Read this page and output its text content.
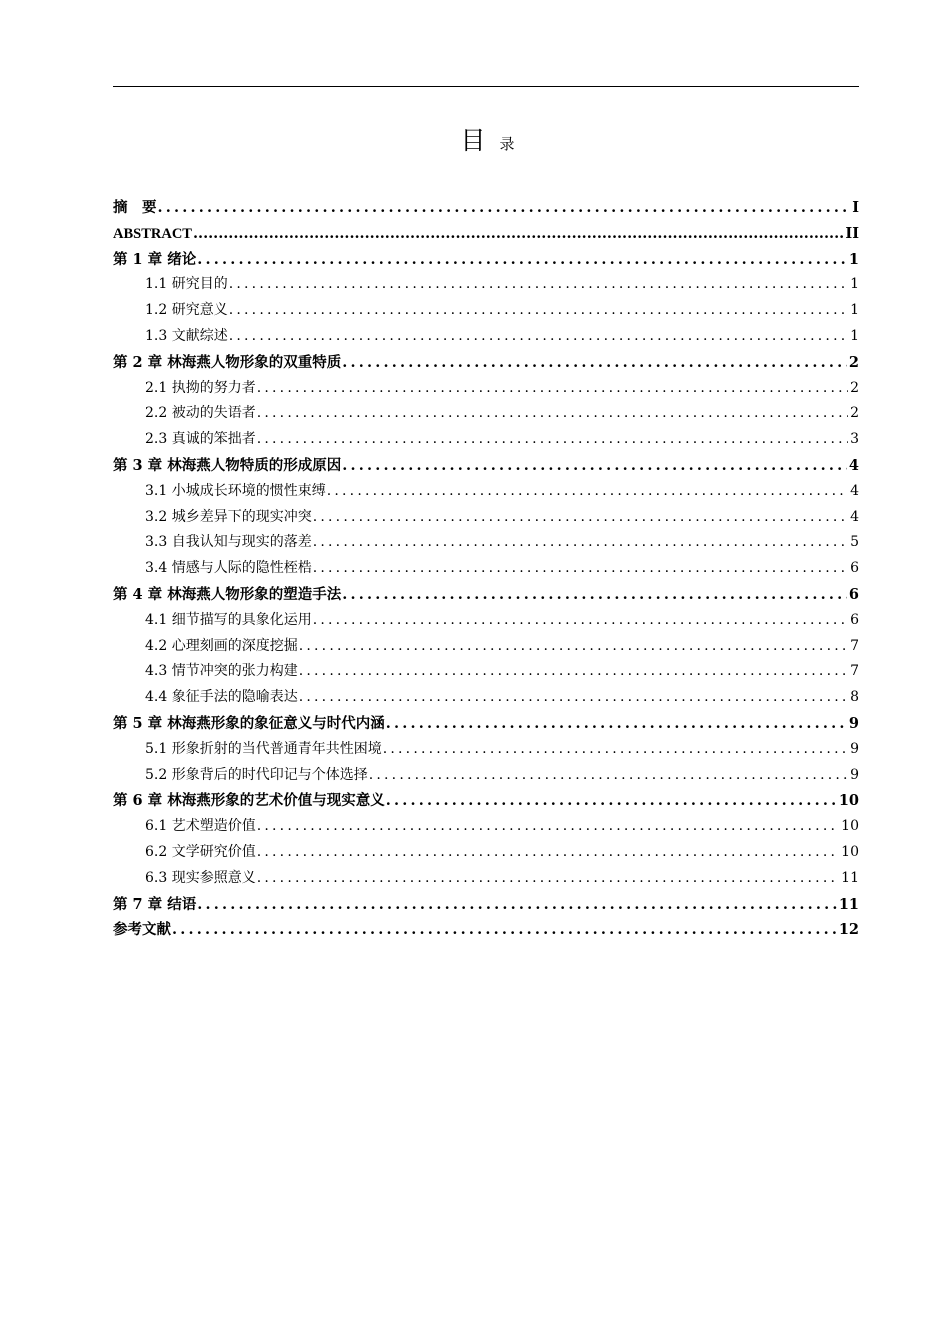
目录
摘　要 .....	I
ABSTRACT .....	II
第 1 章 绪论 .....	1
1.1 研究目的 .....	1
1.2 研究意义 .....	1
1.3 文献综述 .....	1
第 2 章 林海燕人物形象的双重特质 .....	2
2.1 执拗的努力者 .....	2
2.2 被动的失语者 .....	2
2.3 真诚的笨拙者 .....	3
第 3 章 林海燕人物特质的形成原因 .....	4
3.1 小城成长环境的惯性束缚 .....	4
3.2 城乡差异下的现实冲突 .....	4
3.3 自我认知与现实的落差 .....	5
3.4 情感与人际的隐性桎梏 .....	6
第 4 章 林海燕人物形象的塑造手法 .....	6
4.1 细节描写的具象化运用 .....	6
4.2 心理刻画的深度挖掘 .....	7
4.3 情节冲突的张力构建 .....	7
4.4 象征手法的隐喻表达 .....	8
第 5 章 林海燕形象的象征意义与时代内涵 .....	9
5.1 形象折射的当代普通青年共性困境 .....	9
5.2 形象背后的时代印记与个体选择 .....	9
第 6 章 林海燕形象的艺术价值与现实意义 .....	10
6.1 艺术塑造价值 .....	10
6.2 文学研究价值 .....	10
6.3 现实参照意义 .....	11
第 7 章 结语 .....	11
参考文献 .....	12
